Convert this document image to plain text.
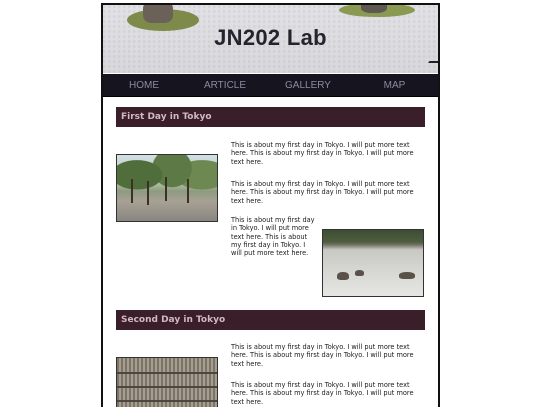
JN202 Lab
HOME	ARTICLE	GALLERY	MAP
First Day in Tokyo

This is about my first day in Tokyo. I will put more text here. This is about my first day in Tokyo. I will put more text here.

This is about my first day in Tokyo. I will put more text here. This is about my first day in Tokyo. I will put more text here.

This is about my first day in Tokyo. I will put more text here. This is about my first day in Tokyo. I will put more text here.

Second Day in Tokyo

This is about my first day in Tokyo. I will put more text here. This is about my first day in Tokyo. I will put more text here.

This is about my first day in Tokyo. I will put more text here. This is about my first day in Tokyo. I will put more text here.
